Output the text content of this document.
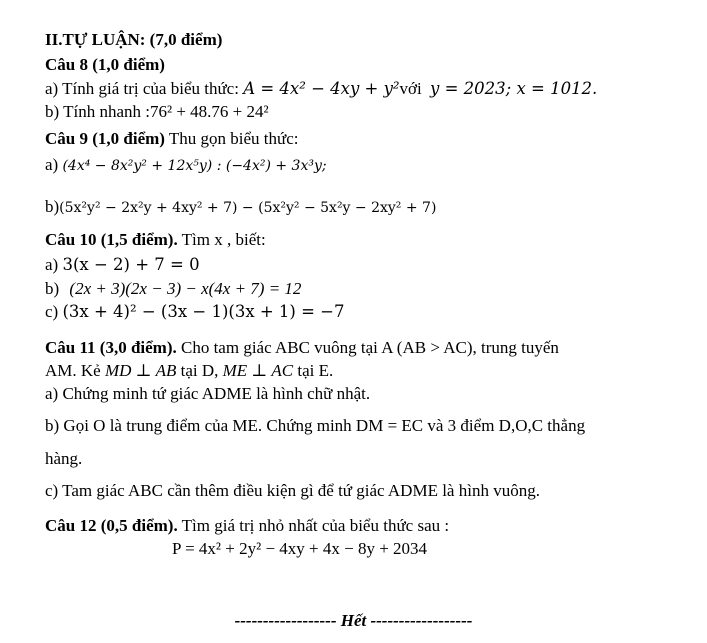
II.TỰ LUẬN: (7,0 điểm)
Câu 8 (1,0 điểm)
a) Tính giá trị của biểu thức: A = 4x² − 4xy + y²với y = 2023; x = 1012.
b) Tính nhanh :76² + 48.76 + 24²
Câu 9 (1,0 điểm) Thu gọn biểu thức:
a) (4x⁴ − 8x²y² + 12x⁵y) : (−4x²) + 3x³y;
b)(5x²y² − 2x²y + 4xy² + 7) − (5x²y² − 5x²y − 2xy² + 7)
Câu 10 (1,5 điểm). Tìm x , biết:
a) 3(x − 2) + 7 = 0
b) (2x + 3)(2x − 3) − x(4x + 7) = 12
c) (3x + 4)² − (3x − 1)(3x + 1) = −7
Câu 11 (3,0 điểm). Cho tam giác ABC vuông tại A (AB > AC), trung tuyến
AM. Kẻ MD ⊥ AB tại D, ME ⊥ AC tại E.
a) Chứng minh tứ giác ADME là hình chữ nhật.
b) Gọi O là trung điểm của ME. Chứng minh DM = EC và 3 điểm D,O,C thẳng
hàng.
c) Tam giác ABC cần thêm điều kiện gì để tứ giác ADME là hình vuông.
Câu 12 (0,5 điểm). Tìm giá trị nhỏ nhất của biểu thức sau :
P = 4x² + 2y² − 4xy + 4x − 8y + 2034
------------------ Hết ------------------
